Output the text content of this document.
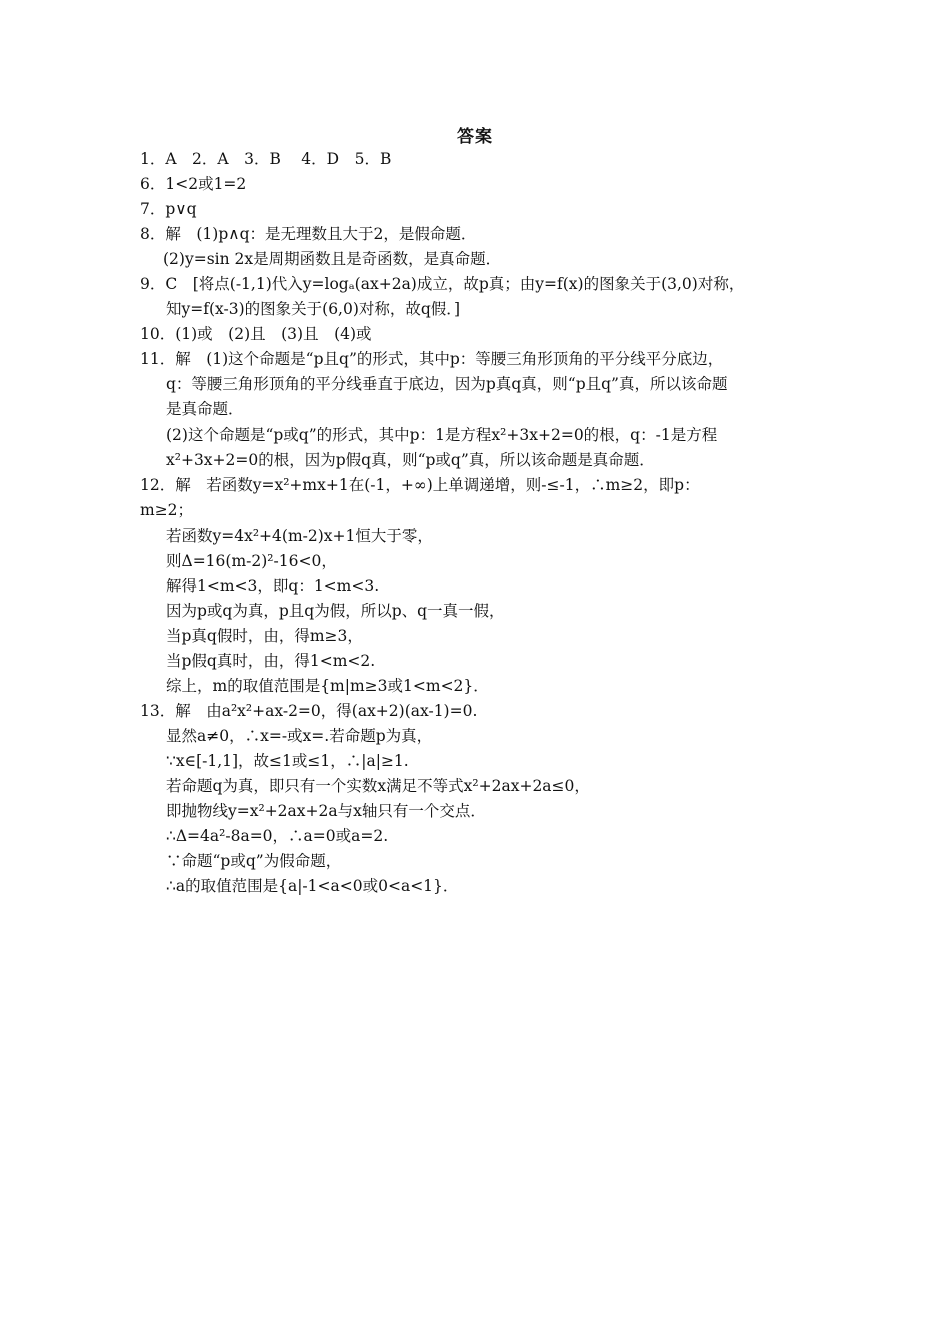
答案
1．A　2．A　3．B　 4．D　5．B
6．1<2或1=2
7．p∨q
8．解　(1)p∧q：是无理数且大于2，是假命题．
(2)y=sin 2x是周期函数且是奇函数，是真命题．
9．C　[将点(-1,1)代入y=logₐ(ax+2a)成立，故p真；由y=f(x)的图象关于(3,0)对称，
知y=f(x-3)的图象关于(6,0)对称，故q假．]
10．(1)或　(2)且　(3)且　(4)或
11．解　(1)这个命题是“p且q”的形式，其中p：等腰三角形顶角的平分线平分底边，
q：等腰三角形顶角的平分线垂直于底边，因为p真q真，则“p且q”真，所以该命题
是真命题．
(2)这个命题是“p或q”的形式，其中p：1是方程x²+3x+2=0的根，q：-1是方程
x²+3x+2=0的根，因为p假q真，则“p或q”真，所以该命题是真命题．
12．解　若函数y=x²+mx+1在(-1，+∞)上单调递增，则-≤-1，∴m≥2，即p：
m≥2；
若函数y=4x²+4(m-2)x+1恒大于零，
则Δ=16(m-2)²-16<0，
解得1<m<3，即q：1<m<3.
因为p或q为真，p且q为假，所以p、q一真一假，
当p真q假时，由，得m≥3，
当p假q真时，由，得1<m<2.
综上，m的取值范围是{m|m≥3或1<m<2}．
13．解　由a²x²+ax-2=0，得(ax+2)(ax-1)=0.
显然a≠0，∴x=-或x=.若命题p为真，
∵x∈[-1,1]，故≤1或≤1，∴|a|≥1.
若命题q为真，即只有一个实数x满足不等式x²+2ax+2a≤0，
即抛物线y=x²+2ax+2a与x轴只有一个交点．
∴Δ=4a²-8a=0，∴a=0或a=2.
∵命题“p或q”为假命题，
∴a的取值范围是{a|-1<a<0或0<a<1}．
